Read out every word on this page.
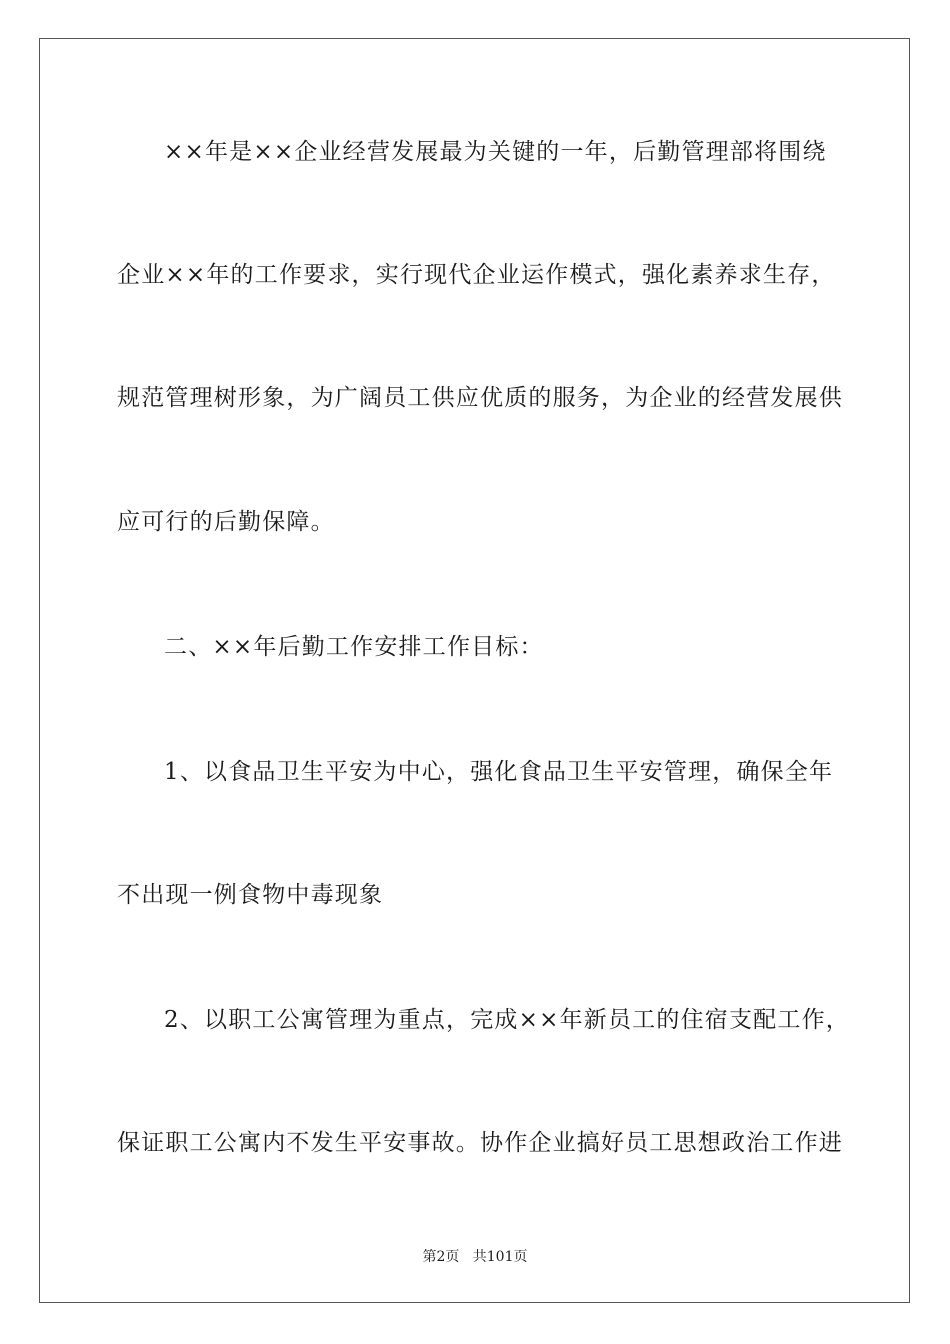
××年是××企业经营发展最为关键的一年，后勤管理部将围绕
企业××年的工作要求，实行现代企业运作模式，强化素养求生存，
规范管理树形象，为广阔员工供应优质的服务，为企业的经营发展供
应可行的后勤保障。
二、××年后勤工作安排工作目标：
1、以食品卫生平安为中心，强化食品卫生平安管理，确保全年
不出现一例食物中毒现象
2、以职工公寓管理为重点，完成××年新员工的住宿支配工作，
保证职工公寓内不发生平安事故。协作企业搞好员工思想政治工作进
第2页   共101页
